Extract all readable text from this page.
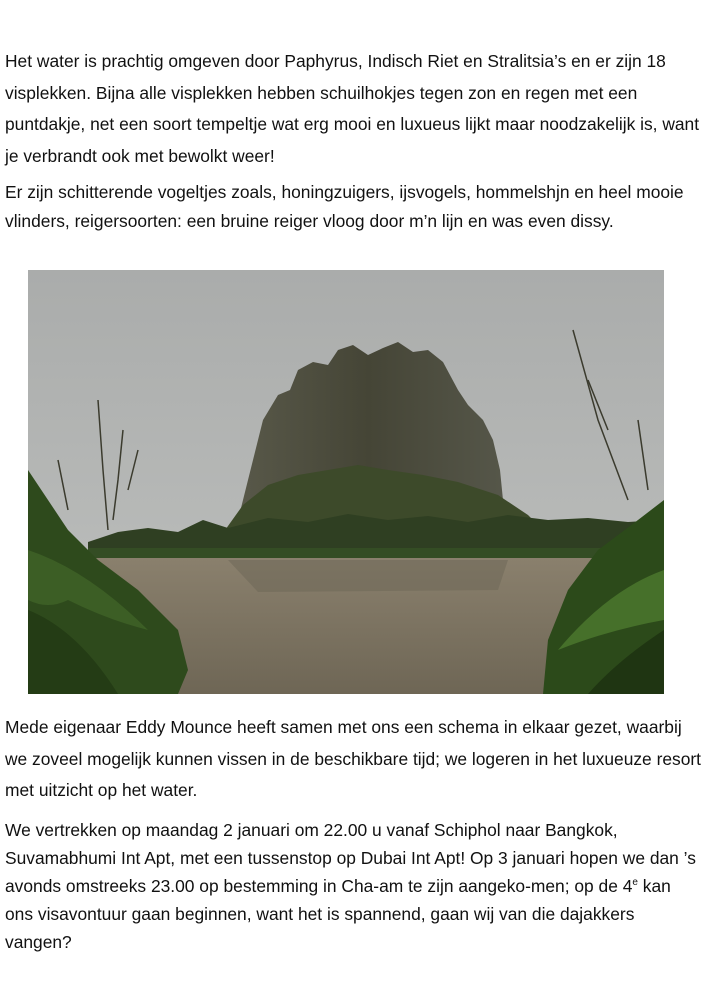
Het water is prachtig omgeven door Paphyrus, Indisch Riet en Stralitsia’s en er zijn 18 visplekken. Bijna alle visplekken hebben schuilhokjes tegen zon en regen met een puntdakje, net een soort tempeltje wat erg mooi en luxueus lijkt maar noodzakelijk is, want je verbrandt ook met bewolkt weer!

Er zijn schitterende vogeltjes zoals, honingzuigers, ijsvogels, hommelshjn en heel mooie vlinders, reigersoorten: een bruine reiger vloog door m’n lijn en was even dissy.

Mede eigenaar Eddy Mounce heeft samen met ons een schema in elkaar gezet, waarbij we zoveel mogelijk kunnen vissen in de beschikbare tijd; we logeren in het luxueuze resort met uitzicht op het water.

We vertrekken op maandag 2 januari om 22.00 u vanaf Schiphol naar Bangkok, Suvamabhumi Int Apt, met een tussenstop op Dubai Int Apt! Op 3 januari hopen we dan ’s avonds omstreeks 23.00 op bestemming in Cha-am te zijn aangeko-men; op de 4e kan ons visavontuur gaan beginnen, want het is spannend, gaan wij van die dajakkers vangen?
